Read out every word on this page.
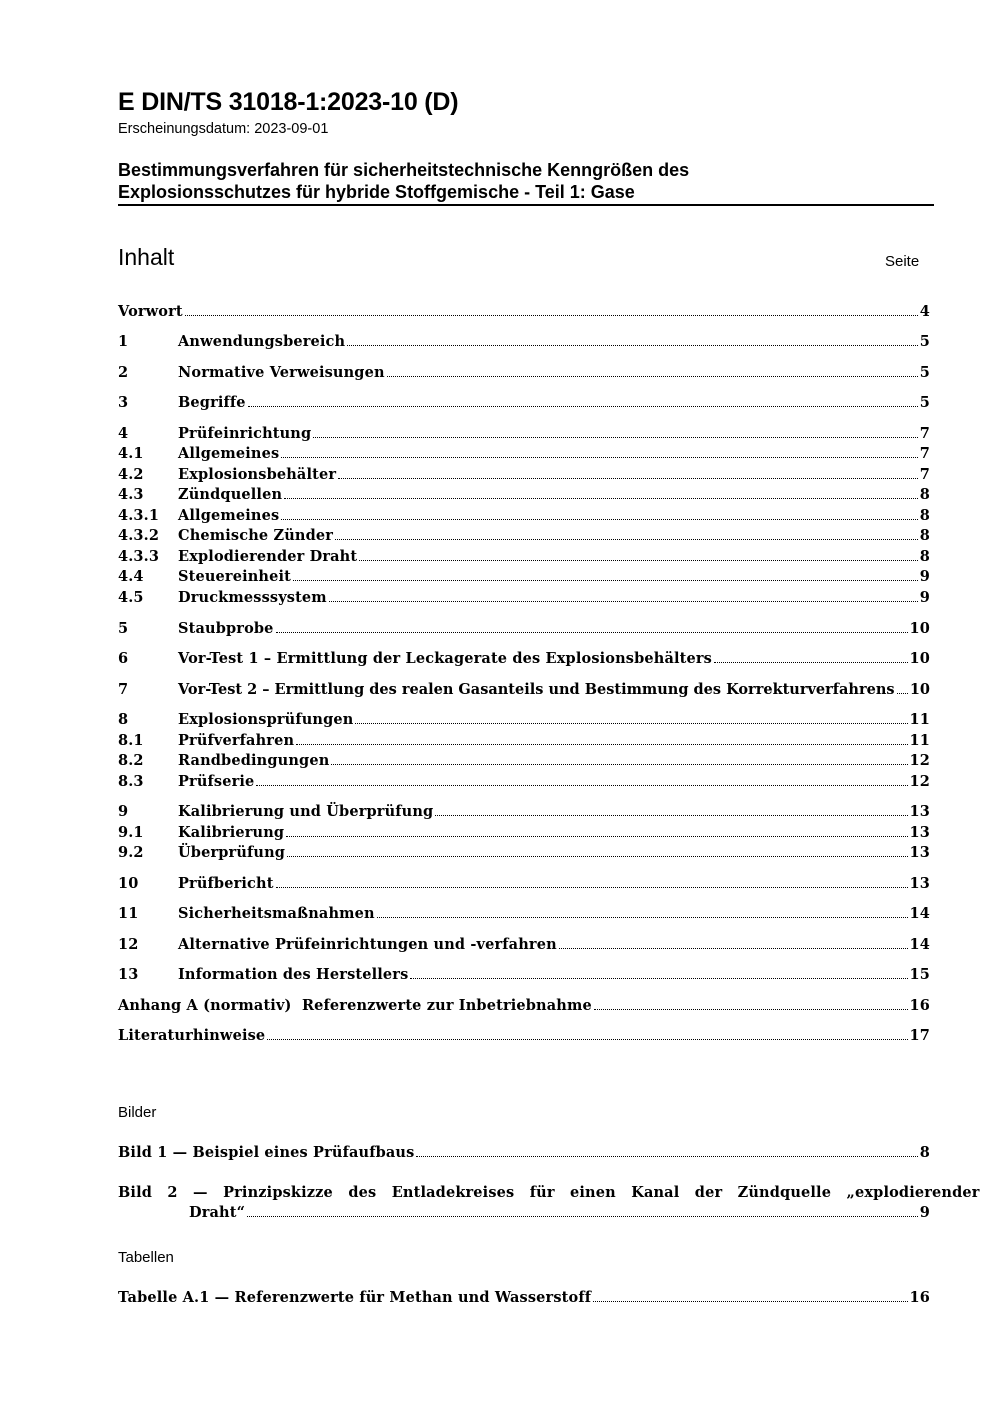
E DIN/TS 31018-1:2023-10 (D)
Erscheinungsdatum: 2023-09-01
Bestimmungsverfahren für sicherheitstechnische Kenngrößen des
Explosionsschutzes für hybride Stoffgemische - Teil 1: Gase
Inhalt	Seite
Vorwort	4
1	Anwendungsbereich	5
2	Normative Verweisungen	5
3	Begriffe	5
4	Prüfeinrichtung	7
4.1	Allgemeines	7
4.2	Explosionsbehälter	7
4.3	Zündquellen	8
4.3.1	Allgemeines	8
4.3.2	Chemische Zünder	8
4.3.3	Explodierender Draht	8
4.4	Steuereinheit	9
4.5	Druckmesssystem	9
5	Staubprobe	10
6	Vor-Test 1 – Ermittlung der Leckagerate des Explosionsbehälters	10
7	Vor-Test 2 – Ermittlung des realen Gasanteils und Bestimmung des Korrekturverfahrens 10
8	Explosionsprüfungen	11
8.1	Prüfverfahren	11
8.2	Randbedingungen	12
8.3	Prüfserie	12
9	Kalibrierung und Überprüfung	13
9.1	Kalibrierung	13
9.2	Überprüfung	13
10	Prüfbericht	13
11	Sicherheitsmaßnahmen	14
12	Alternative Prüfeinrichtungen und -verfahren	14
13	Information des Herstellers	15
Anhang A (normativ)  Referenzwerte zur Inbetriebnahme	16
Literaturhinweise	17
Bilder
Bild 1 — Beispiel eines Prüfaufbaus	8
Bild 2 — Prinzipskizze des Entladekreises für einen Kanal der Zündquelle „explodierender
Draht“	9
Tabellen
Tabelle A.1 — Referenzwerte für Methan und Wasserstoff	16
